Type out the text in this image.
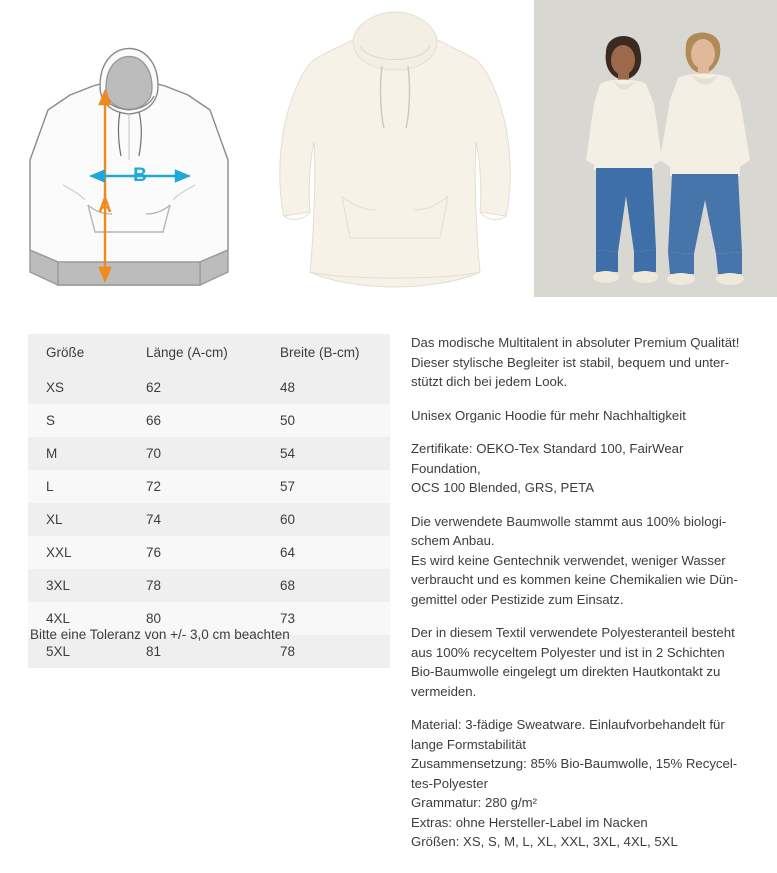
A
B
Größe	Länge (A-cm)	Breite (B-cm)
XS	62	48
S	66	50
M	70	54
L	72	57
XL	74	60
XXL	76	64
3XL	78	68
4XL	80	73
5XL	81	78
Bitte eine Toleranz von +/- 3,0 cm beachten
Das modische Multitalent in absoluter Premium Qualität!
Dieser stylische Begleiter ist stabil, bequem und unter-
stützt dich bei jedem Look.
Unisex Organic Hoodie für mehr Nachhaltigkeit
Zertifikate: OEKO-Tex Standard 100, FairWear Foundation,
OCS 100 Blended, GRS, PETA
Die verwendete Baumwolle stammt aus 100% biologi-
schem Anbau.
Es wird keine Gentechnik verwendet, weniger Wasser
verbraucht und es kommen keine Chemikalien wie Dün-
gemittel oder Pestizide zum Einsatz.
Der in diesem Textil verwendete Polyesteranteil besteht
aus 100% recyceltem Polyester und ist in 2 Schichten
Bio-Baumwolle eingelegt um direkten Hautkontakt zu
vermeiden.
Material: 3-fädige Sweatware. Einlaufvorbehandelt für
lange Formstabilität
Zusammensetzung: 85% Bio-Baumwolle, 15% Recycel-
tes-Polyester
Grammatur: 280 g/m²
Extras: ohne Hersteller-Label im Nacken
Größen: XS, S, M, L, XL, XXL, 3XL, 4XL, 5XL
